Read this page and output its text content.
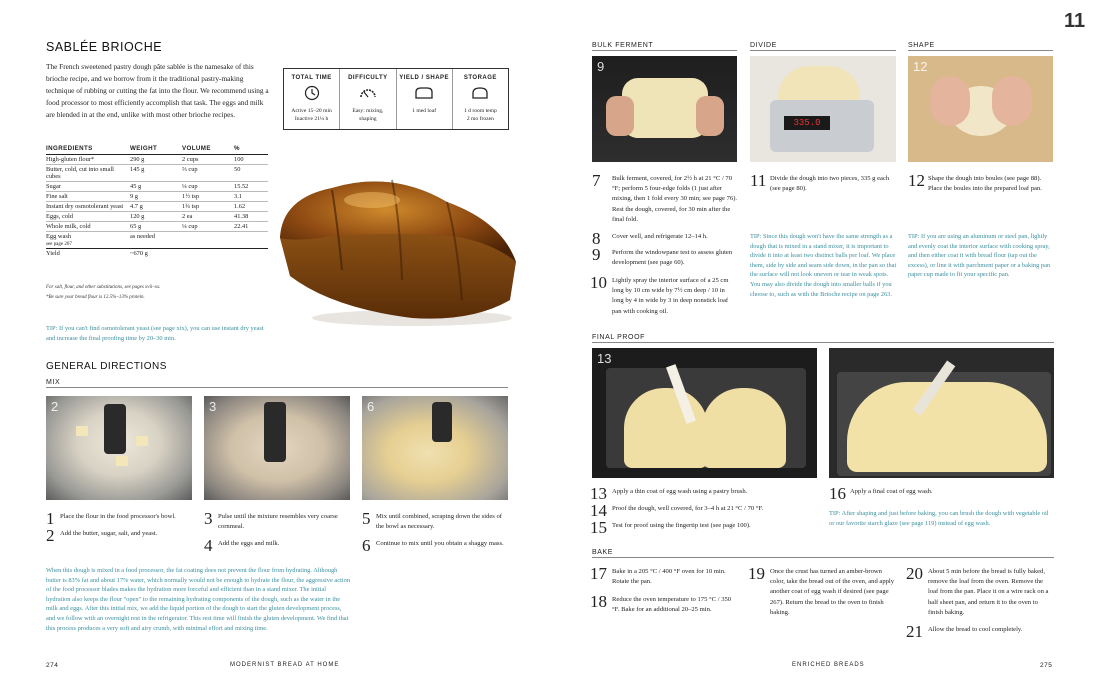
SABLÉE BRIOCHE
The French sweetened pastry dough pâte sablée is the namesake of this brioche recipe, and we borrow from it the traditional pastry-making technique of rubbing or cutting the fat into the flour. We recommend using a food processor to most efficiently accomplish that task. The eggs and milk are blended in at the end, unlike with most other brioche recipes.
TOTAL TIME
Active 15–20 min
Inactive 21¼ h
DIFFICULTY
Easy: mixing, shaping
YIELD / SHAPE
1 med loaf
STORAGE
1 d room temp
2 mo frozen
INGREDIENTS	WEIGHT	VOLUME	%
High-gluten flour*	290 g	2 cups	100
Butter, cold, cut into small cubes	145 g	⅔ cup	50
Sugar	45 g	¼ cup	15.52
Fine salt	9 g	1½ tsp	3.1
Instant dry osmotolerant yeast	4.7 g	1¾ tsp	1.62
Eggs, cold	120 g	2 ea	41.38
Whole milk, cold	65 g	¼ cup	22.41
Egg wash
see page 267	as needed		
Yield	~670 g		
For salt, flour, and other substitutions, see pages xvii–xx.
*Be sure your bread flour is 12.5%–13% protein.
TIP: If you can't find osmotolerant yeast (see page xix), you can use instant dry yeast and increase the final proofing time by 20–30 min.
GENERAL DIRECTIONS
MIX
2	3	6
1 Place the flour in the food processor's bowl.
2 Add the butter, sugar, salt, and yeast.
3 Pulse until the mixture resembles very coarse cornmeal.
4 Add the eggs and milk.
5 Mix until combined, scraping down the sides of the bowl as necessary.
6 Continue to mix until you obtain a shaggy mass.
When this dough is mixed in a food processor, the fat coating does not prevent the flour from hydrating. Although butter is 83% fat and about 17% water, which normally would not be enough to hydrate the flour, the aggressive action of the food processor blades makes the hydration more forceful and efficient than in a stand mixer. The initial hydration also keeps the flour "open" to the remaining hydrating components of the dough, such as the water in the milk and eggs. After this initial mix, we add the liquid portion of the dough to start the gluten development process, and we follow with an overnight rest in the refrigerator. This rest time will finish the gluten development. We find that this process produces a very soft and airy crumb, with minimal effort and mixing time.
274	MODERNIST BREAD AT HOME
11
BULK FERMENT	DIVIDE	SHAPE
9
335.0
12
7 Bulk ferment, covered, for 2½ h at 21 °C / 70 °F; perform 5 four-edge folds (1 just after mixing, then 1 fold every 30 min; see page 76). Rest the dough, covered, for 30 min after the final fold.
8 Cover well, and refrigerate 12–14 h.
9 Perform the windowpane test to assess gluten development (see page 60).
10 Lightly spray the interior surface of a 25 cm long by 10 cm wide by 7½ cm deep / 10 in long by 4 in wide by 3 in deep nonstick loaf pan with cooking oil.
11 Divide the dough into two pieces, 335 g each (see page 80).
TIP: Since this dough won't have the same strength as a dough that is mixed in a stand mixer, it is important to divide it into at least two distinct balls per loaf. We place them, side by side and seam side down, in the pan so that the surface will not look uneven or tear in weak spots. You may also divide the dough into smaller balls if you choose to, such as with the Brioche recipe on page 263.
12 Shape the dough into boules (see page 88). Place the boules into the prepared loaf pan.
TIP: If you are using an aluminum or steel pan, lightly and evenly coat the interior surface with cooking spray, and then either coat it with bread flour (tap out the excess), or line it with parchment paper or a baking pan paper cup made to fit your specific pan.
FINAL PROOF
13
13 Apply a thin coat of egg wash using a pastry brush.
14 Proof the dough, well covered, for 3–4 h at 21 °C / 70 °F.
15 Test for proof using the fingertip test (see page 100).
16 Apply a final coat of egg wash.
TIP: After shaping and just before baking, you can brush the dough with vegetable oil or our favorite starch glaze (see page 119) instead of egg wash.
BAKE
17 Bake in a 205 °C / 400 °F oven for 10 min. Rotate the pan.
18 Reduce the oven temperature to 175 °C / 350 °F. Bake for an additional 20–25 min.
19 Once the crust has turned an amber-brown color, take the bread out of the oven, and apply another coat of egg wash if desired (see page 267). Return the bread to the oven to finish baking.
20 About 5 min before the bread is fully baked, remove the loaf from the oven. Remove the loaf from the pan. Place it on a wire rack on a half sheet pan, and return it to the oven to finish baking.
21 Allow the bread to cool completely.
ENRICHED BREADS	275
